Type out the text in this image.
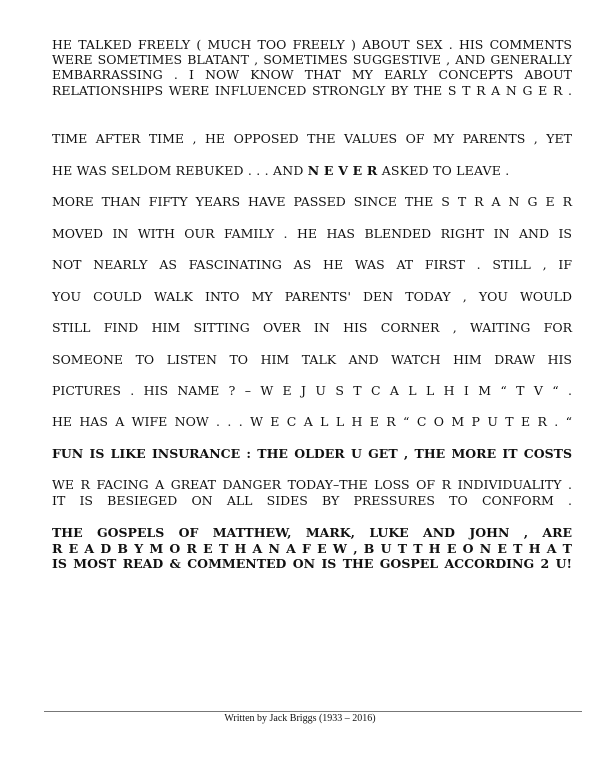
HE TALKED FREELY ( MUCH TOO FREELY ) ABOUT SEX . HIS COMMENTS
WERE SOMETIMES BLATANT , SOMETIMES SUGGESTIVE , AND GENERALLY
EMBARRASSING . I NOW KNOW THAT MY EARLY CONCEPTS ABOUT
RELATIONSHIPS WERE INFLUENCED STRONGLY BY THE S T R A N G E R .
TIME AFTER TIME , HE OPPOSED THE VALUES OF MY PARENTS , YET
HE WAS SELDOM REBUKED . . . AND N E V E R ASKED TO LEAVE .
MORE THAN FIFTY YEARS HAVE PASSED SINCE THE S T R A N G E R
MOVED IN WITH OUR FAMILY . HE HAS BLENDED RIGHT IN AND IS
NOT NEARLY AS FASCINATING AS HE WAS AT FIRST . STILL , IF
YOU COULD WALK INTO MY PARENTS' DEN TODAY , YOU WOULD
STILL FIND HIM SITTING OVER IN HIS CORNER , WAITING FOR
SOMEONE TO LISTEN TO HIM TALK AND WATCH HIM DRAW HIS
PICTURES . HIS NAME ? – W E J U S T C A L L H I M “ T V “ .
HE HAS A WIFE NOW . . . W E C A L L H E R “ C O M P U T E R . “
FUN IS LIKE INSURANCE : THE OLDER U GET , THE MORE IT COSTS
WE R FACING A GREAT DANGER TODAY–THE LOSS OF R INDIVIDUALITY .
IT IS BESIEGED ON ALL SIDES BY PRESSURES TO CONFORM .
THE GOSPELS OF MATTHEW, MARK, LUKE AND JOHN , ARE
R E A D B Y M O R E T H A N A F E W , B U T T H E O N E T H A T
IS MOST READ & COMMENTED ON IS THE GOSPEL ACCORDING 2 U!
Written by Jack Briggs (1933 – 2016)
